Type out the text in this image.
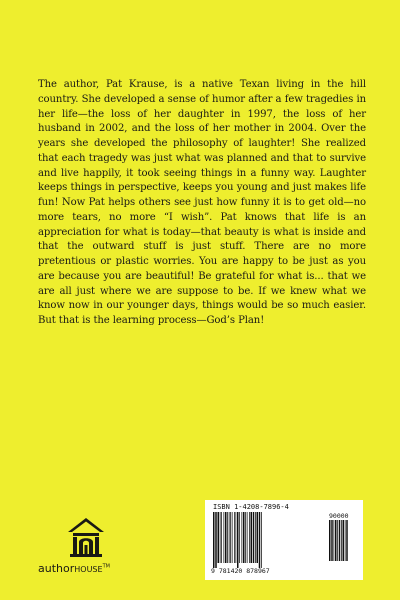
The author, Pat Krause, is a native Texan living in the hill country. She developed a sense of humor after a few tragedies in her life—the loss of her daughter in 1997, the loss of her husband in 2002, and the loss of her mother in 2004. Over the years she developed the philosophy of laughter! She realized that each tragedy was just what was planned and that to survive and live happily, it took seeing things in a funny way. Laughter keeps things in perspective, keeps you young and just makes life fun! Now Pat helps others see just how funny it is to get old—no more tears, no more “I wish”. Pat knows that life is an appreciation for what is today—that beauty is what is inside and that the outward stuff is just stuff. There are no more pretentious or plastic worries. You are happy to be just as you are because you are beautiful! Be grateful for what is... that we are all just where we are suppose to be. If we knew what we know now in our younger days, things would be so much easier. But that is the learning process—God’s Plan!

authorHOUSE™
ISBN 1-4208-7896-4
90000
9 781420 878967
